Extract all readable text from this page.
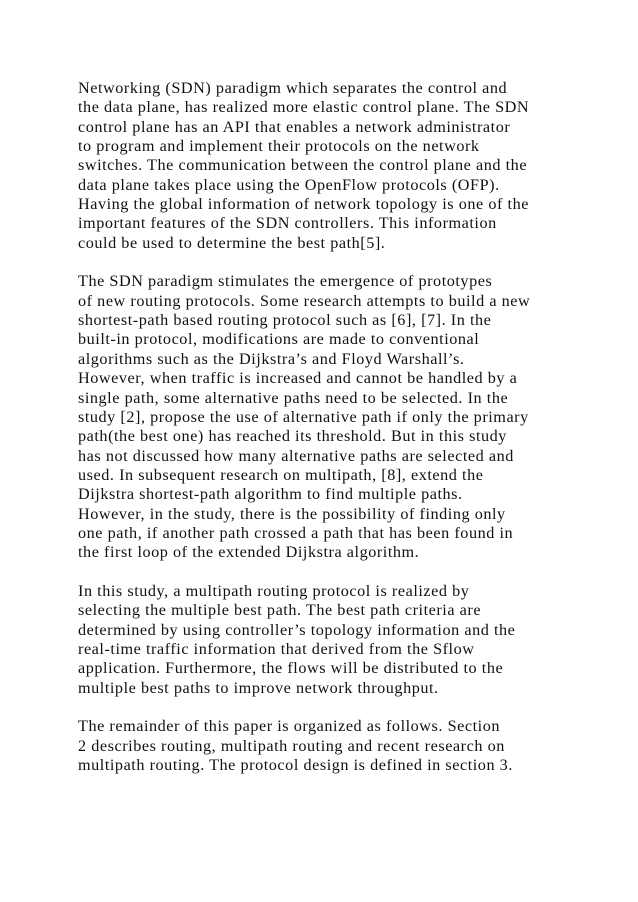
Networking (SDN) paradigm which separates the control and
the data plane, has realized more elastic control plane. The SDN
control plane has an API that enables a network administrator
to program and implement their protocols on the network
switches. The communication between the control plane and the
data plane takes place using the OpenFlow protocols (OFP).
Having the global information of network topology is one of the
important features of the SDN controllers. This information
could be used to determine the best path[5].
The SDN paradigm stimulates the emergence of prototypes
of new routing protocols. Some research attempts to build a new
shortest-path based routing protocol such as [6], [7]. In the
built-in protocol, modifications are made to conventional
algorithms such as the Dijkstra’s and Floyd Warshall’s.
However, when traffic is increased and cannot be handled by a
single path, some alternative paths need to be selected. In the
study [2], propose the use of alternative path if only the primary
path(the best one) has reached its threshold. But in this study
has not discussed how many alternative paths are selected and
used. In subsequent research on multipath, [8], extend the
Dijkstra shortest-path algorithm to find multiple paths.
However, in the study, there is the possibility of finding only
one path, if another path crossed a path that has been found in
the first loop of the extended Dijkstra algorithm.
In this study, a multipath routing protocol is realized by
selecting the multiple best path. The best path criteria are
determined by using controller’s topology information and the
real-time traffic information that derived from the Sflow
application. Furthermore, the flows will be distributed to the
multiple best paths to improve network throughput.
The remainder of this paper is organized as follows. Section
2 describes routing, multipath routing and recent research on
multipath routing. The protocol design is defined in section 3.
